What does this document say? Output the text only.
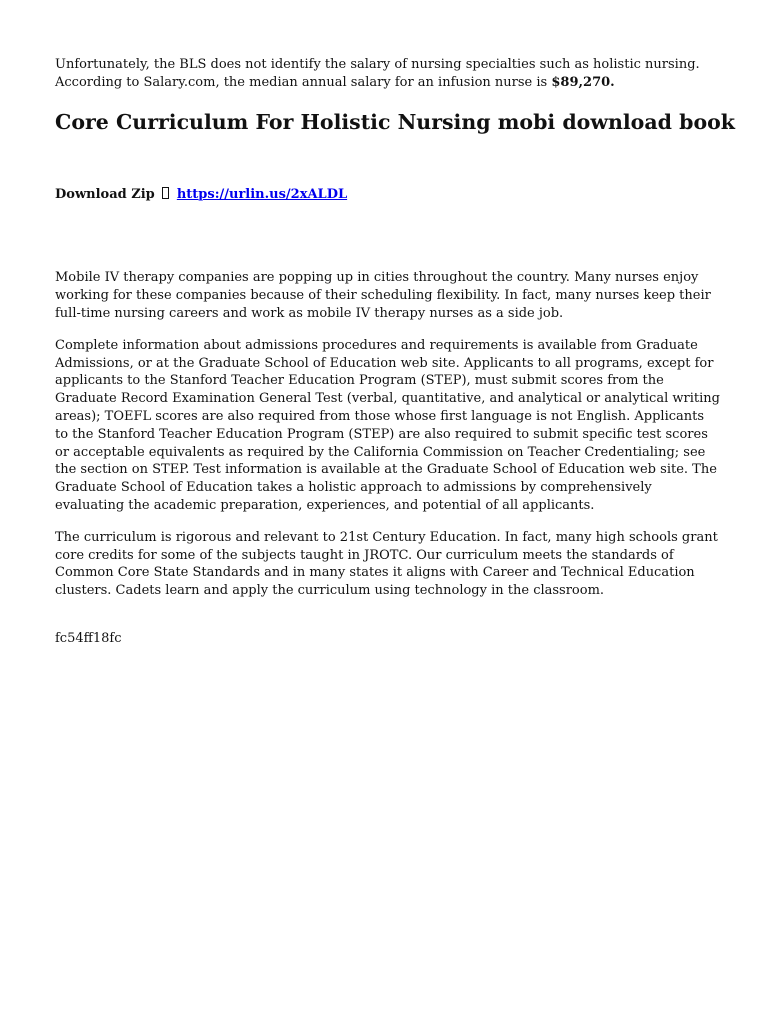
Unfortunately, the BLS does not identify the salary of nursing specialties such as holistic nursing. According to Salary.com, the median annual salary for an infusion nurse is $89,270.

Core Curriculum For Holistic Nursing mobi download book
Download Zip https://urlin.us/2xALDL

Mobile IV therapy companies are popping up in cities throughout the country. Many nurses enjoy working for these companies because of their scheduling flexibility. In fact, many nurses keep their full-time nursing careers and work as mobile IV therapy nurses as a side job.

Complete information about admissions procedures and requirements is available from Graduate Admissions, or at the Graduate School of Education web site. Applicants to all programs, except for applicants to the Stanford Teacher Education Program (STEP), must submit scores from the Graduate Record Examination General Test (verbal, quantitative, and analytical or analytical writing areas); TOEFL scores are also required from those whose first language is not English. Applicants to the Stanford Teacher Education Program (STEP) are also required to submit specific test scores or acceptable equivalents as required by the California Commission on Teacher Credentialing; see the section on STEP. Test information is available at the Graduate School of Education web site. The Graduate School of Education takes a holistic approach to admissions by comprehensively evaluating the academic preparation, experiences, and potential of all applicants.

The curriculum is rigorous and relevant to 21st Century Education. In fact, many high schools grant core credits for some of the subjects taught in JROTC. Our curriculum meets the standards of Common Core State Standards and in many states it aligns with Career and Technical Education clusters. Cadets learn and apply the curriculum using technology in the classroom.

fc54ff18fc
